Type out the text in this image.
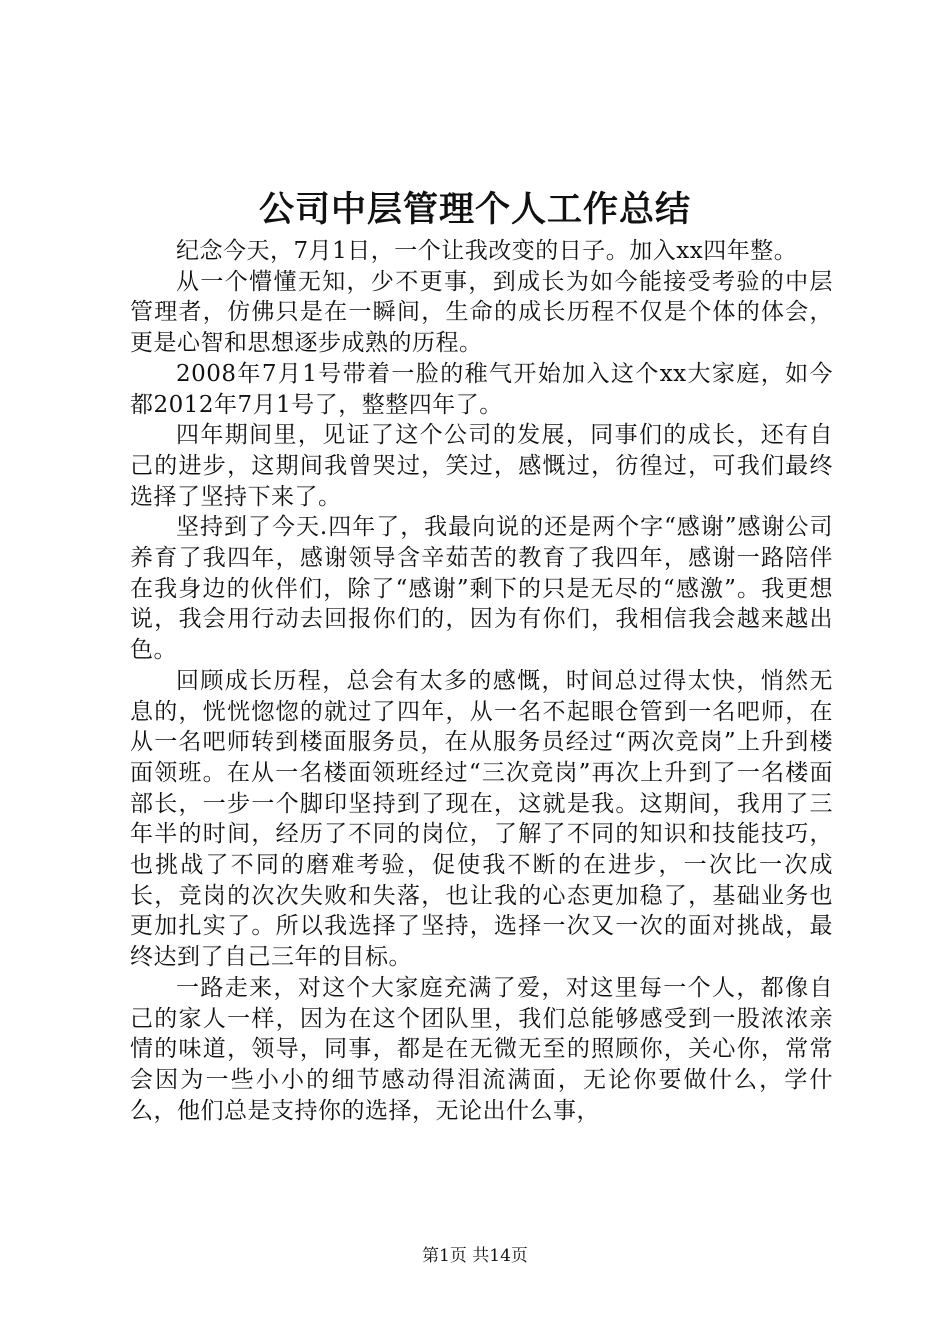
公司中层管理个人工作总结

纪念今天，7月1日，一个让我改变的日子。加入xx四年整。

从一个懵懂无知，少不更事，到成长为如今能接受考验的中层管理者，仿佛只是在一瞬间，生命的成长历程不仅是个体的体会，更是心智和思想逐步成熟的历程。

2008年7月1号带着一脸的稚气开始加入这个xx大家庭，如今都2012年7月1号了，整整四年了。

四年期间里，见证了这个公司的发展，同事们的成长，还有自己的进步，这期间我曾哭过，笑过，感慨过，彷徨过，可我们最终选择了坚持下来了。

坚持到了今天.四年了，我最向说的还是两个字“感谢”感谢公司养育了我四年，感谢领导含辛茹苦的教育了我四年，感谢一路陪伴在我身边的伙伴们，除了“感谢”剩下的只是无尽的“感激”。我更想说，我会用行动去回报你们的，因为有你们，我相信我会越来越出色。

回顾成长历程，总会有太多的感慨，时间总过得太快，悄然无息的，恍恍惚惚的就过了四年，从一名不起眼仓管到一名吧师，在从一名吧师转到楼面服务员，在从服务员经过“两次竞岗”上升到楼面领班。在从一名楼面领班经过“三次竞岗”再次上升到了一名楼面部长，一步一个脚印坚持到了现在，这就是我。这期间，我用了三年半的时间，经历了不同的岗位，了解了不同的知识和技能技巧，也挑战了不同的磨难考验，促使我不断的在进步，一次比一次成长，竞岗的次次失败和失落，也让我的心态更加稳了，基础业务也更加扎实了。所以我选择了坚持，选择一次又一次的面对挑战，最终达到了自己三年的目标。

一路走来，对这个大家庭充满了爱，对这里每一个人，都像自己的家人一样，因为在这个团队里，我们总能够感受到一股浓浓亲情的味道，领导，同事，都是在无微无至的照顾你，关心你，常常会因为一些小小的细节感动得泪流满面，无论你要做什么，学什么，他们总是支持你的选择，无论出什么事，

第1页 共14页
